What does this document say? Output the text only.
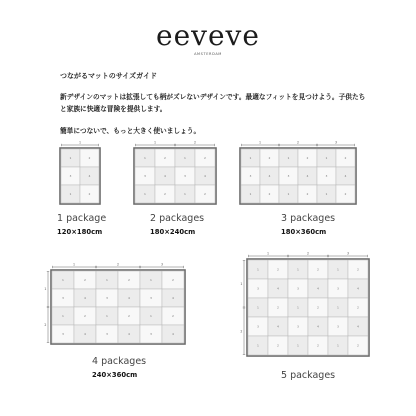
eeveve
AMSTERDAM
つながるマットのサイズガイド
新デザインのマットは拡張しても柄がズレないデザインです。最適なフィットを見つけよう。子供たちと家族に快適な冒険を提供します。
簡単につないで、もっと大きく使いましょう。
1
1	2
3	4
1	2
1 package
120×180cm
1	2
1	2	1	2
3	4	3	4
1	2	1	2
2 packages
180×240cm
1	2	3
1	2	1	2	1	2
3	4	3	4	3	4
1	2	1	2	1	2
3 packages
180×360cm
1	2	3
1
2
1	2	1	2	1	2
3	4	3	4	3	4
1	2	1	2	1	2
3	4	3	4	3	4
4 packages
240×360cm
1	2	3
1
2
1	2	1	2	1	2
3	4	3	4	3	4
1	2	1	2	1	2
3	4	3	4	3	4
1	2	1	2	1	2
5 packages
